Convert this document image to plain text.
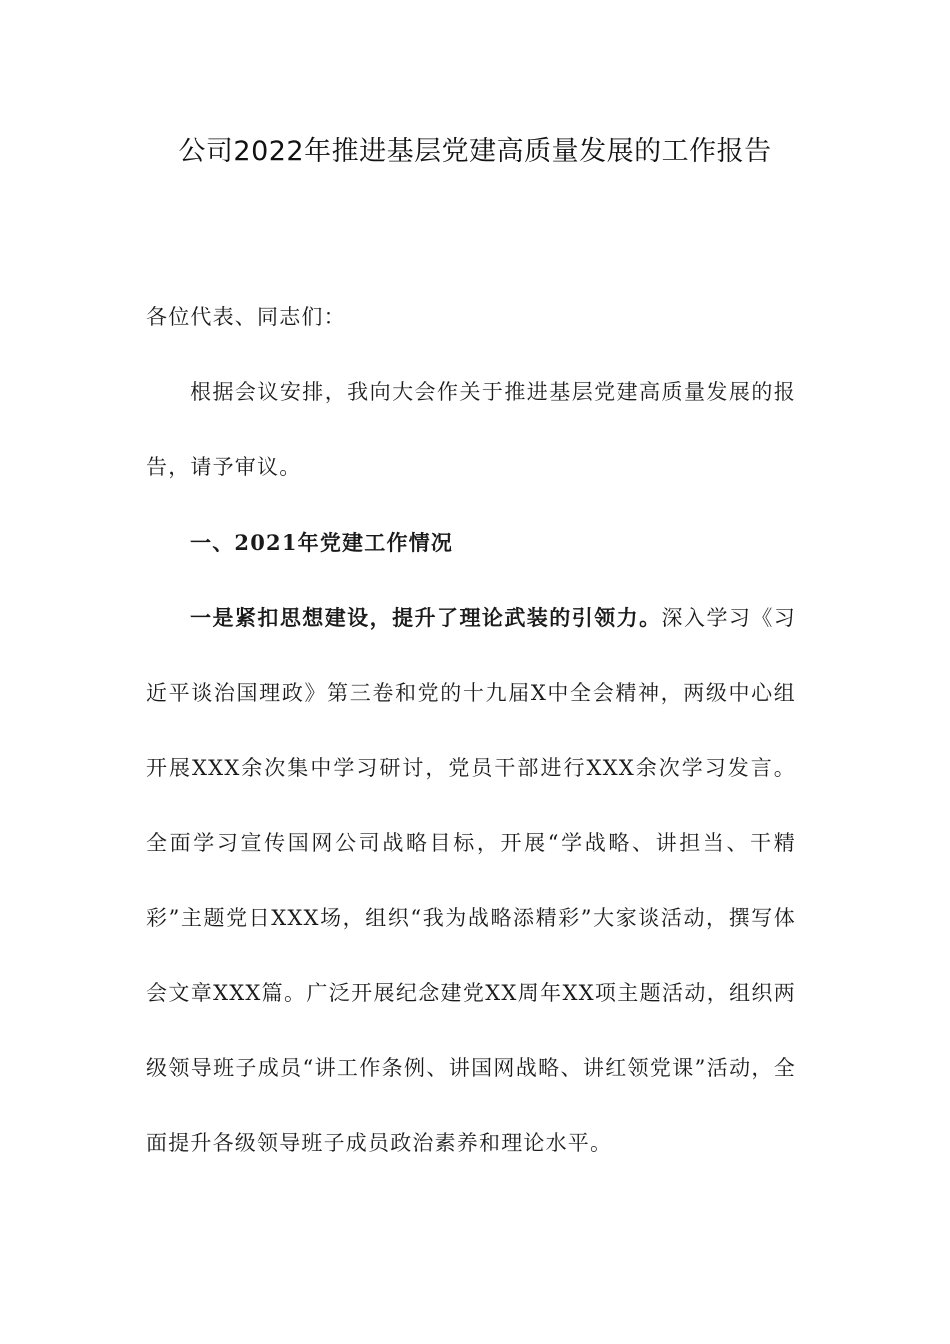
公司2022年推进基层党建高质量发展的工作报告

各位代表、同志们：

根据会议安排，我向大会作关于推进基层党建高质量发展的报告，请予审议。

一、2021年党建工作情况

一是紧扣思想建设，提升了理论武装的引领力。深入学习《习近平谈治国理政》第三卷和党的十九届X中全会精神，两级中心组开展XXX余次集中学习研讨，党员干部进行XXX余次学习发言。全面学习宣传国网公司战略目标，开展“学战略、讲担当、干精彩”主题党日XXX场，组织“我为战略添精彩”大家谈活动，撰写体会文章XXX篇。广泛开展纪念建党XX周年XX项主题活动，组织两级领导班子成员“讲工作条例、讲国网战略、讲红领党课”活动，全面提升各级领导班子成员政治素养和理论水平。
